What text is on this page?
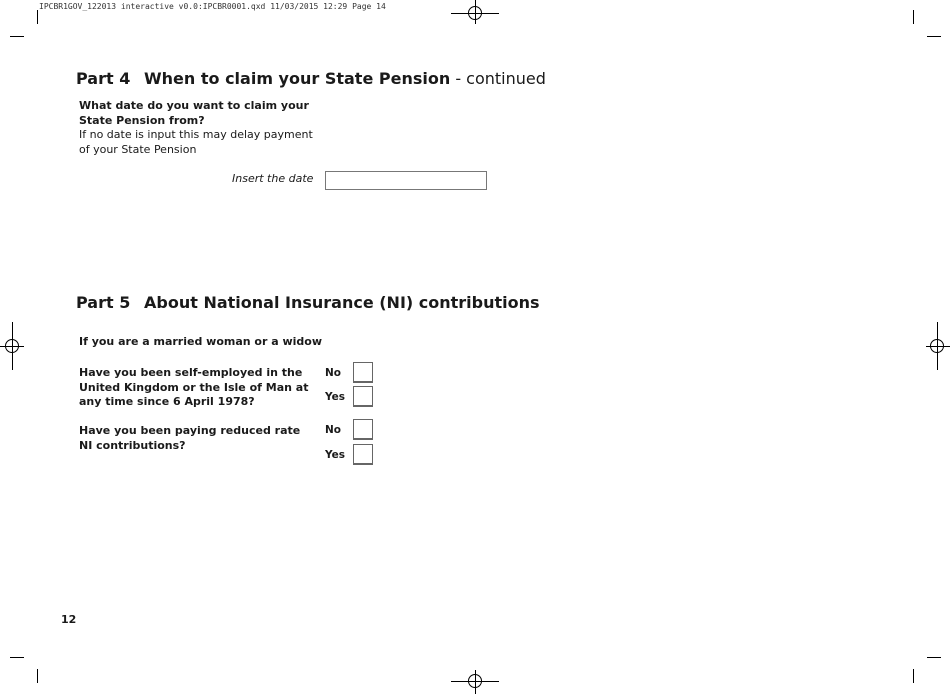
IPCBR1GOV_122013 interactive v0.0:IPCBR0001.qxd 11/03/2015 12:29 Page 14
Part 4 When to claim your State Pension - continued
What date do you want to claim your
State Pension from?
If no date is input this may delay payment
of your State Pension
Insert the date
Part 5 About National Insurance (NI) contributions
If you are a married woman or a widow
Have you been self-employed in the
United Kingdom or the Isle of Man at
any time since 6 April 1978?
No
Yes
Have you been paying reduced rate
NI contributions?
No
Yes
12
